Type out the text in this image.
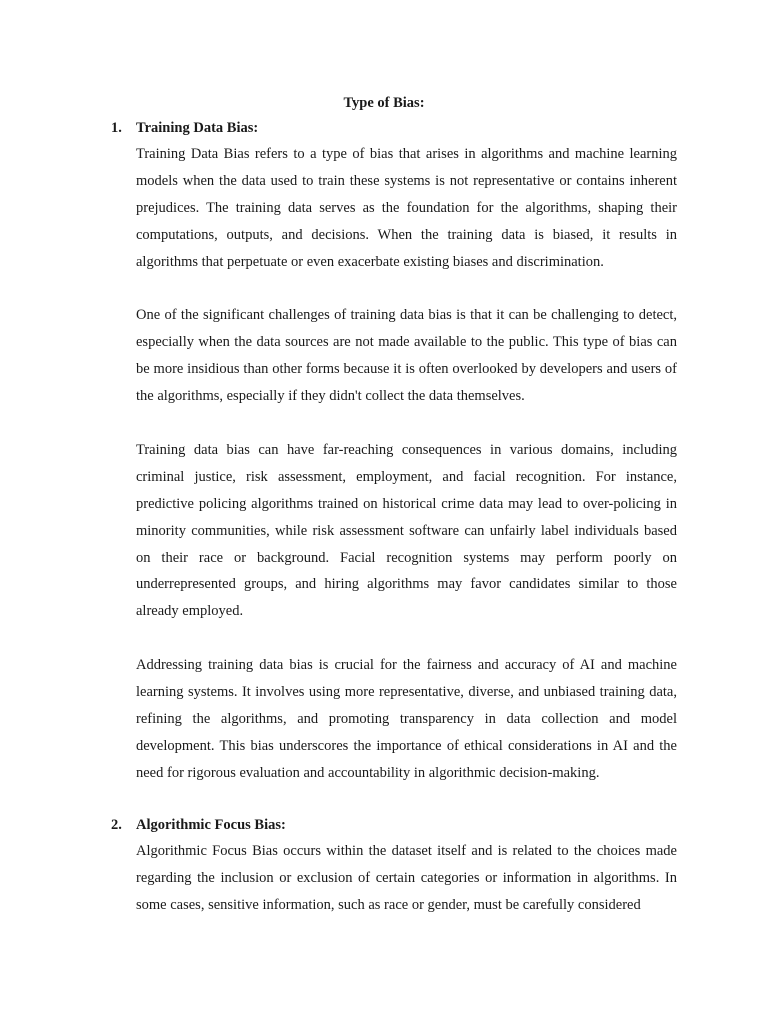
Type of Bias:
1. Training Data Bias:

Training Data Bias refers to a type of bias that arises in algorithms and machine learning models when the data used to train these systems is not representative or contains inherent prejudices. The training data serves as the foundation for the algorithms, shaping their computations, outputs, and decisions. When the training data is biased, it results in algorithms that perpetuate or even exacerbate existing biases and discrimination.

One of the significant challenges of training data bias is that it can be challenging to detect, especially when the data sources are not made available to the public. This type of bias can be more insidious than other forms because it is often overlooked by developers and users of the algorithms, especially if they didn't collect the data themselves.

Training data bias can have far-reaching consequences in various domains, including criminal justice, risk assessment, employment, and facial recognition. For instance, predictive policing algorithms trained on historical crime data may lead to over-policing in minority communities, while risk assessment software can unfairly label individuals based on their race or background. Facial recognition systems may perform poorly on underrepresented groups, and hiring algorithms may favor candidates similar to those already employed.

Addressing training data bias is crucial for the fairness and accuracy of AI and machine learning systems. It involves using more representative, diverse, and unbiased training data, refining the algorithms, and promoting transparency in data collection and model development. This bias underscores the importance of ethical considerations in AI and the need for rigorous evaluation and accountability in algorithmic decision-making.

2. Algorithmic Focus Bias:

Algorithmic Focus Bias occurs within the dataset itself and is related to the choices made regarding the inclusion or exclusion of certain categories or information in algorithms. In some cases, sensitive information, such as race or gender, must be carefully considered
